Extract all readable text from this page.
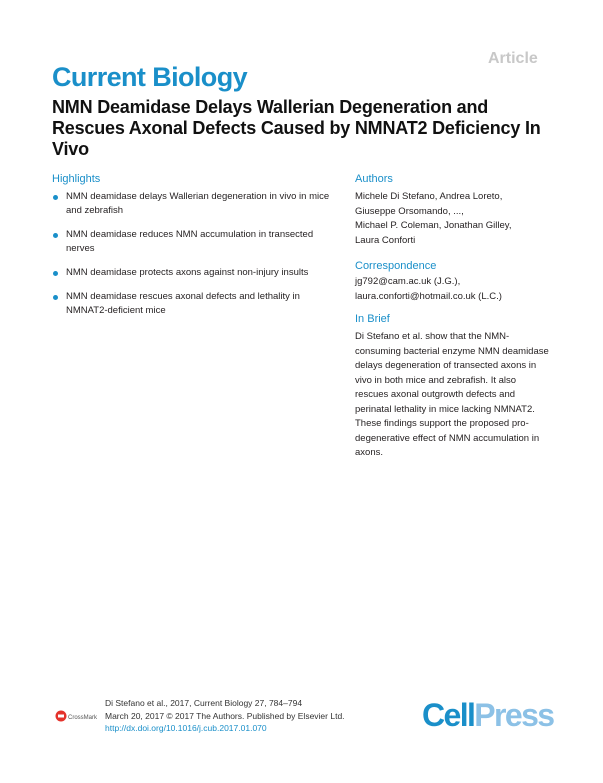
Article
Current Biology
NMN Deamidase Delays Wallerian Degeneration and Rescues Axonal Defects Caused by NMNAT2 Deficiency In Vivo
Highlights
NMN deamidase delays Wallerian degeneration in vivo in mice and zebrafish
NMN deamidase reduces NMN accumulation in transected nerves
NMN deamidase protects axons against non-injury insults
NMN deamidase rescues axonal defects and lethality in NMNAT2-deficient mice
Authors
Michele Di Stefano, Andrea Loreto,
Giuseppe Orsomando, ...,
Michael P. Coleman, Jonathan Gilley,
Laura Conforti
Correspondence
jg792@cam.ac.uk (J.G.),
laura.conforti@hotmail.co.uk (L.C.)
In Brief
Di Stefano et al. show that the NMN-consuming bacterial enzyme NMN deamidase delays degeneration of transected axons in vivo in both mice and zebrafish. It also rescues axonal outgrowth defects and perinatal lethality in mice lacking NMNAT2. These findings support the proposed pro-degenerative effect of NMN accumulation in axons.
CrossMark
Di Stefano et al., 2017, Current Biology 27, 784–794
March 20, 2017 © 2017 The Authors. Published by Elsevier Ltd.
http://dx.doi.org/10.1016/j.cub.2017.01.070	CellPress
